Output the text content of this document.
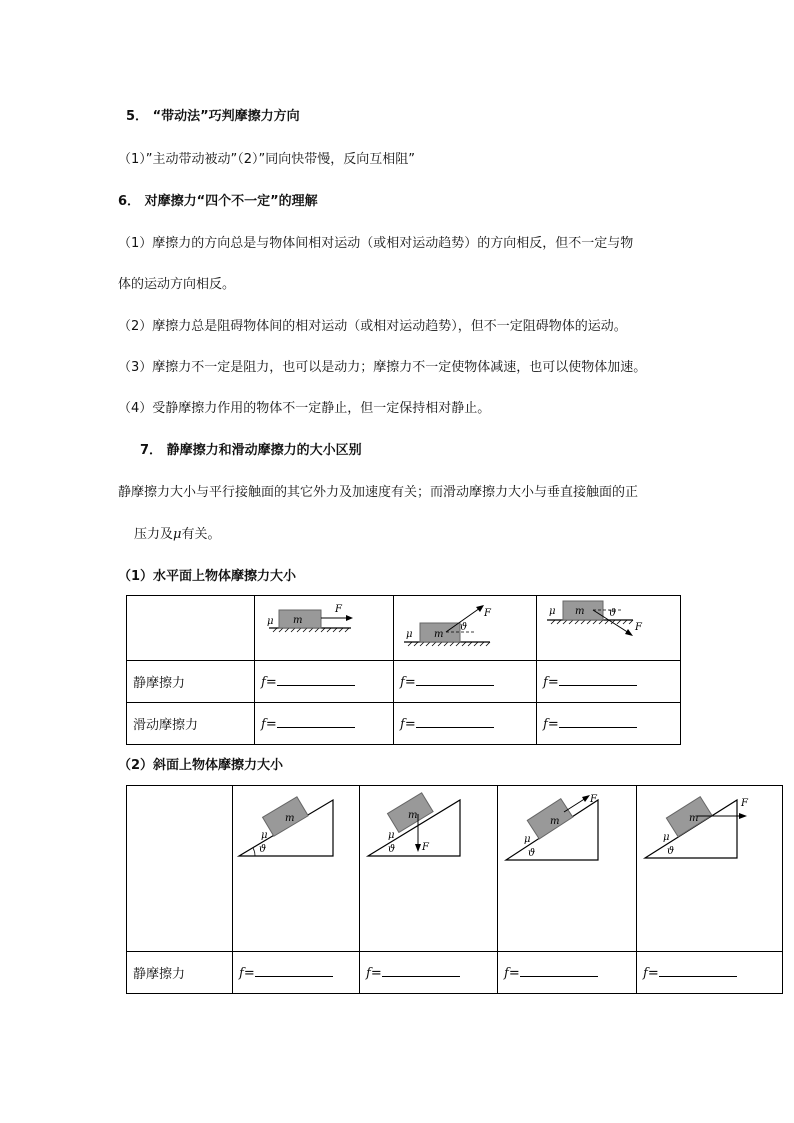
5． “带动法”巧判摩擦力方向
（1）”主动带动被动”（2）”同向快带慢，反向互相阻”
6． 对摩擦力“四个不一定”的理解
（1）摩擦力的方向总是与物体间相对运动（或相对运动趋势）的方向相反，但不一定与物
体的运动方向相反。
（2）摩擦力总是阻碍物体间的相对运动（或相对运动趋势），但不一定阻碍物体的运动。
（3）摩擦力不一定是阻力，也可以是动力；摩擦力不一定使物体减速，也可以使物体加速。
（4）受静摩擦力作用的物体不一定静止，但一定保持相对静止。
7． 静摩擦力和滑动摩擦力的大小区别
静摩擦力大小与平行接触面的其它外力及加速度有关；而滑动摩擦力大小与垂直接触面的正
压力及μ有关。
（1）水平面上物体摩擦力大小

m
μ
F	m
μ
ϑ
F	m
μ ϑ
F

静摩擦力	f=	f=	f=
滑动摩擦力	f=	f=	f=
（2）斜面上物体摩擦力大小

m
μ
ϑ	m
μ
F
ϑ	m
μ
F
ϑ	m
μ
F
ϑ

静摩擦力	f=	f=	f=	f=
